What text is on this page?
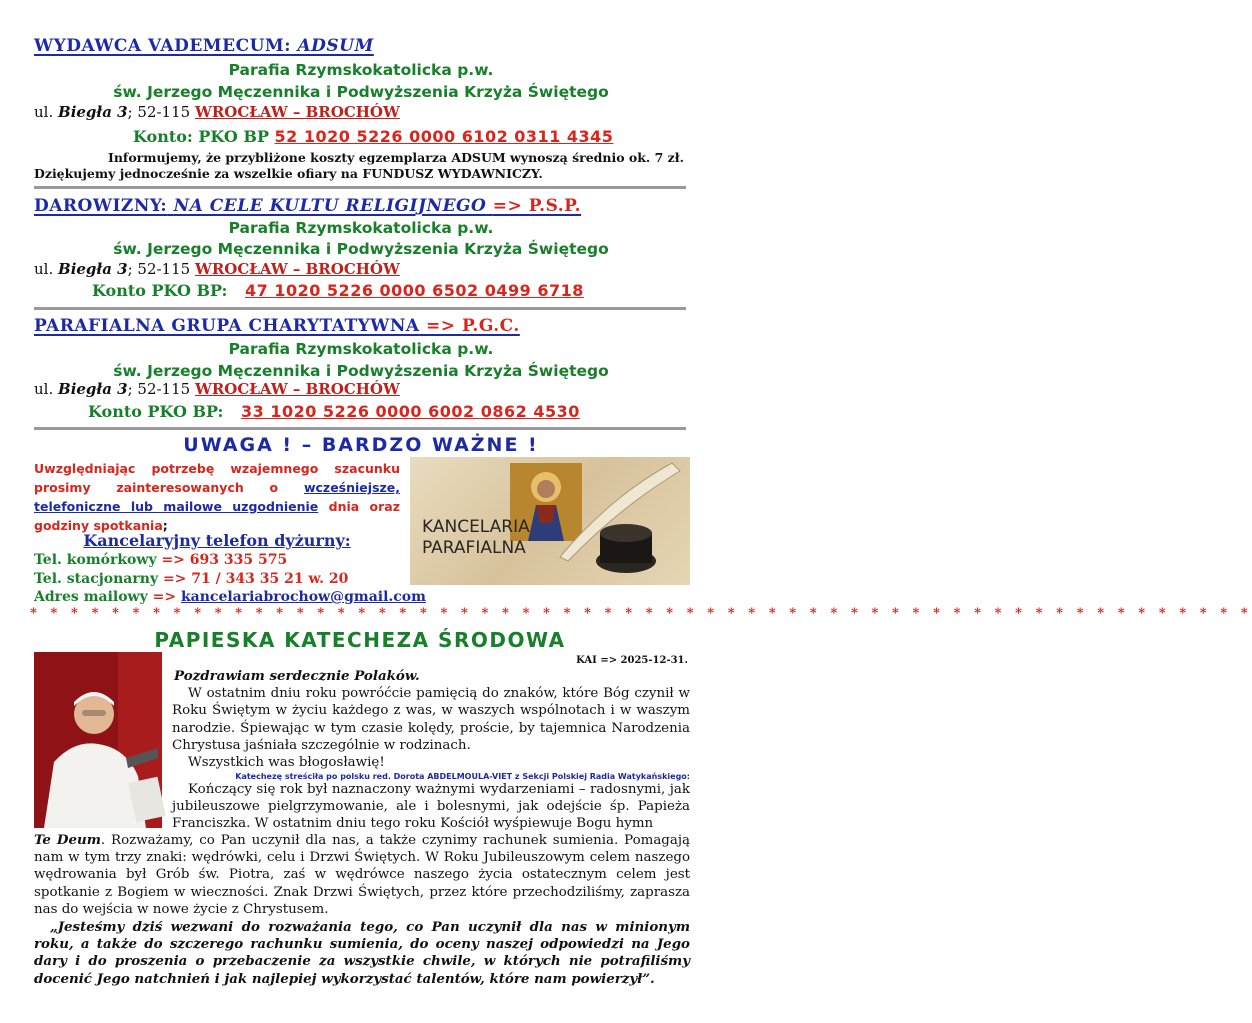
WYDAWCA VADEMECUM: ADSUM
Parafia Rzymskokatolicka p.w.
św. Jerzego Męczennika i Podwyższenia Krzyża Świętego
ul. Biegła 3; 52-115 WROCŁAW – BROCHÓW
Konto: PKO BP 52 1020 5226 0000 6102 0311 4345
Informujemy, że przybliżone koszty egzemplarza ADSUM wynoszą średnio ok. 7 zł.
Dziękujemy jednocześnie za wszelkie ofiary na FUNDUSZ WYDAWNICZY.
DAROWIZNY: NA CELE KULTU RELIGIJNEGO => P.S.P.
Parafia Rzymskokatolicka p.w.
św. Jerzego Męczennika i Podwyższenia Krzyża Świętego
ul. Biegła 3; 52-115 WROCŁAW – BROCHÓW
Konto PKO BP: 47 1020 5226 0000 6502 0499 6718
PARAFIALNA GRUPA CHARYTATYWNA => P.G.C.
Parafia Rzymskokatolicka p.w.
św. Jerzego Męczennika i Podwyższenia Krzyża Świętego
ul. Biegła 3; 52-115 WROCŁAW – BROCHÓW
Konto PKO BP: 33 1020 5226 0000 6002 0862 4530
UWAGA ! – BARDZO WAŻNE !
Uwzględniając potrzebę wzajemnego szacunku prosimy zainteresowanych o wcześniejsze, telefoniczne lub mailowe uzgodnienie dnia oraz godziny spotkania;
Kancelaryjny telefon dyżurny:
Tel. komórkowy => 693 335 575
Tel. stacjonarny => 71 / 343 35 21 w. 20
Adres mailowy => kancelariabrochow@gmail.com
KANCELARIA
PARAFIALNA
* * * * * * * * * * * * * * * * * * * * * * * * * * * * * * * * * * * * * * * * * * * * * * * * * * * * * * * * * * * *
PAPIESKA KATECHEZA ŚRODOWA
KAI => 2025-12-31.

Pozdrawiam serdecznie Polaków.

W ostatnim dniu roku powróćcie pamięcią do znaków, które Bóg czynił w Roku Świętym w życiu każdego z was, w waszych wspólnotach i w waszym narodzie. Śpiewając w tym czasie kolędy, proście, by tajemnica Narodzenia Chrystusa jaśniała szczególnie w rodzinach.

Wszystkich was błogosławię!

Katechezę streściła po polsku red. Dorota ABDELMOULA-VIET z Sekcji Polskiej Radia Watykańskiego:

Kończący się rok był naznaczony ważnymi wydarzeniami – radosnymi, jak jubileuszowe pielgrzymowanie, ale i bolesnymi, jak odejście śp. Papieża Franciszka. W ostatnim dniu tego roku Kościół wyśpiewuje Bogu hymn

Te Deum. Rozważamy, co Pan uczynił dla nas, a także czynimy rachunek sumienia. Pomagają nam w tym trzy znaki: wędrówki, celu i Drzwi Świętych. W Roku Jubileuszowym celem naszego wędrowania był Grób św. Piotra, zaś w wędrówce naszego życia ostatecznym celem jest spotkanie z Bogiem w wieczności. Znak Drzwi Świętych, przez które przechodziliśmy, zaprasza nas do wejścia w nowe życie z Chrystusem.

„Jesteśmy dziś wezwani do rozważania tego, co Pan uczynił dla nas w minionym roku, a także do szczerego rachunku sumienia, do oceny naszej odpowiedzi na Jego dary i do proszenia o przebaczenie za wszystkie chwile, w których nie potrafiliśmy docenić Jego natchnień i jak najlepiej wykorzystać talentów, które nam powierzył”.
